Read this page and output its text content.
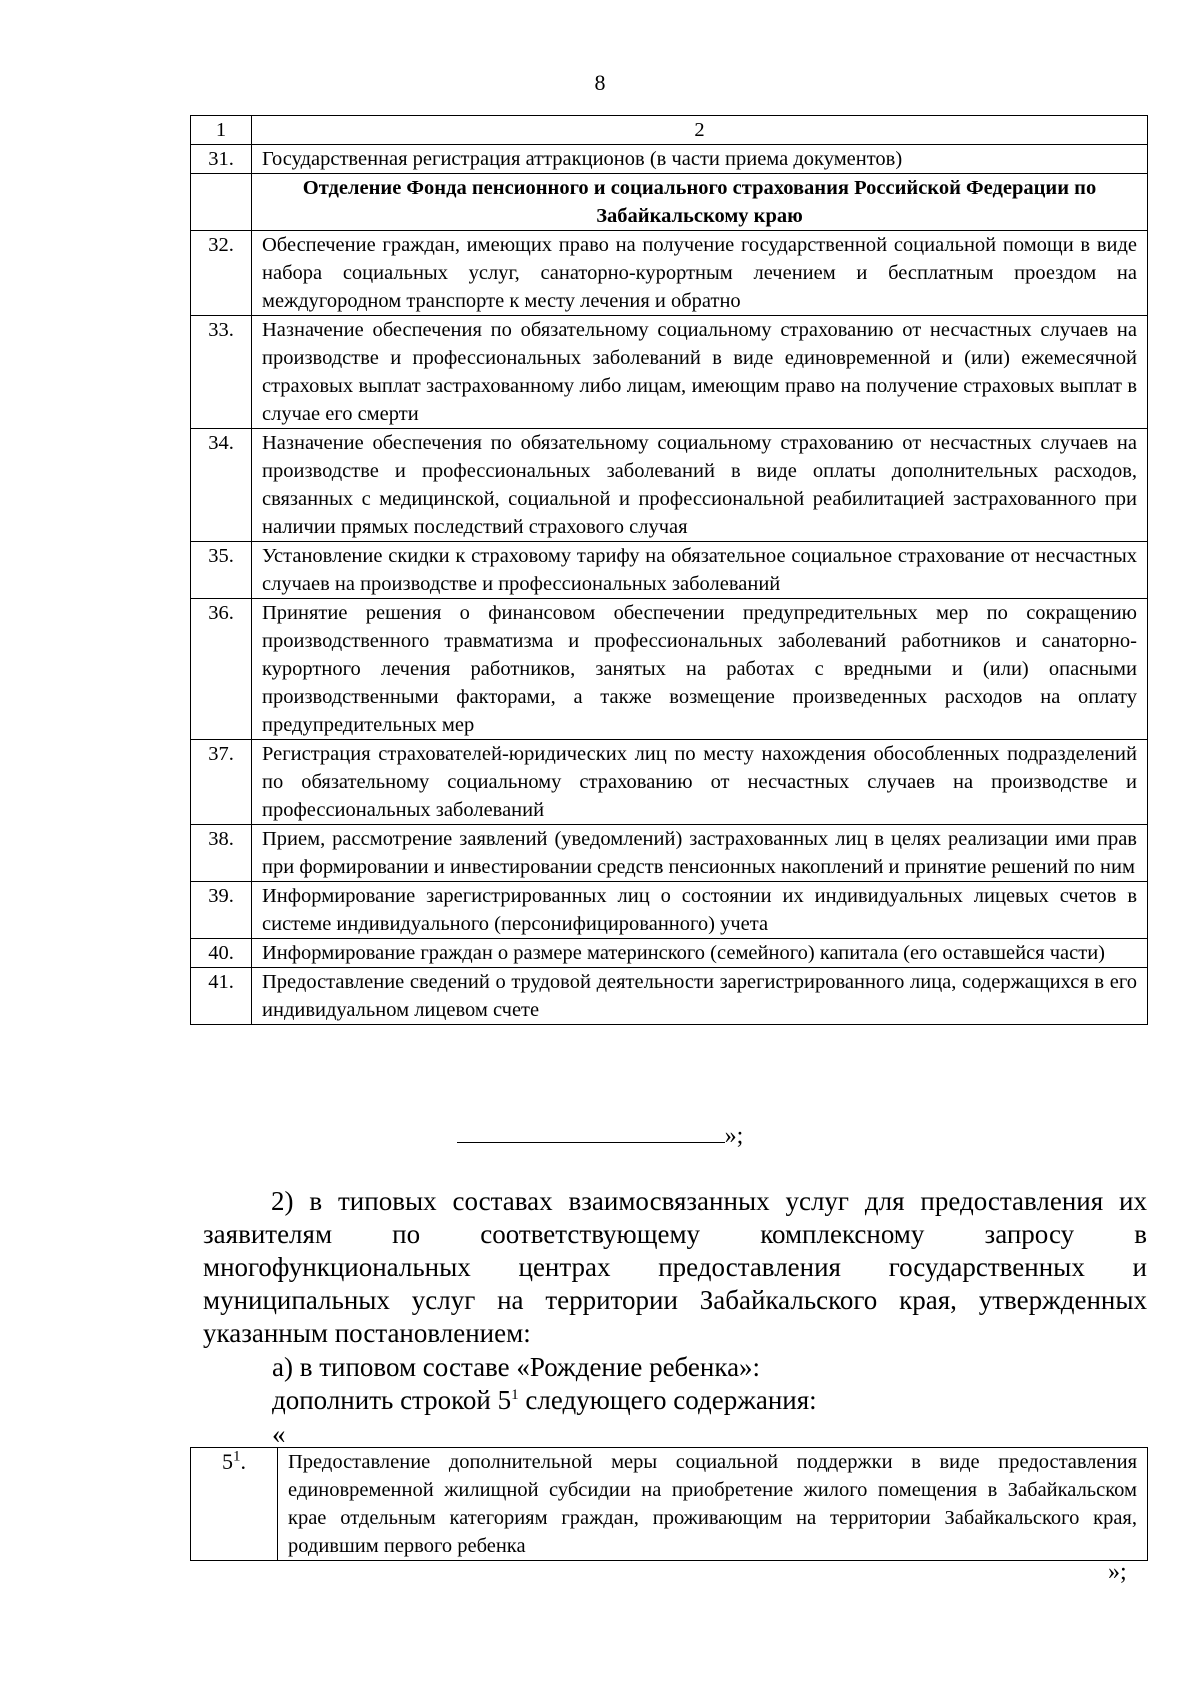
8
1	2
31.	Государственная регистрация аттракционов (в части приема документов)
	Отделение Фонда пенсионного и социального страхования Российской Федерации по Забайкальскому краю
32.	Обеспечение граждан, имеющих право на получение государственной социальной помощи в виде набора социальных услуг, санаторно-курортным лечением и бесплатным проездом на междугородном транспорте к месту лечения и обратно
33.	Назначение обеспечения по обязательному социальному страхованию от несчастных случаев на производстве и профессиональных заболеваний в виде единовременной и (или) ежемесячной страховых выплат застрахованному либо лицам, имеющим право на получение страховых выплат в случае его смерти
34.	Назначение обеспечения по обязательному социальному страхованию от несчастных случаев на производстве и профессиональных заболеваний в виде оплаты дополнительных расходов, связанных с медицинской, социальной и профессиональной реабилитацией застрахованного при наличии прямых последствий страхового случая
35.	Установление скидки к страховому тарифу на обязательное социальное страхование от несчастных случаев на производстве и профессиональных заболеваний
36.	Принятие решения о финансовом обеспечении предупредительных мер по сокращению производственного травматизма и профессиональных заболеваний работников и санаторно-курортного лечения работников, занятых на работах с вредными и (или) опасными производственными факторами, а также возмещение произведенных расходов на оплату предупредительных мер
37.	Регистрация страхователей-юридических лиц по месту нахождения обособленных подразделений по обязательному социальному страхованию от несчастных случаев на производстве и профессиональных заболеваний
38.	Прием, рассмотрение заявлений (уведомлений) застрахованных лиц в целях реализации ими прав при формировании и инвестировании средств пенсионных накоплений и принятие решений по ним
39.	Информирование зарегистрированных лиц о состоянии их индивидуальных лицевых счетов в системе индивидуального (персонифицированного) учета
40.	Информирование граждан о размере материнского (семейного) капитала (его оставшейся части)
41.	Предоставление сведений о трудовой деятельности зарегистрированного лица, содержащихся в его индивидуальном лицевом счете
»;
2) в типовых составах взаимосвязанных услуг для предоставления их заявителям по соответствующему комплексному запросу в многофункциональных центрах предоставления государственных и муниципальных услуг на территории Забайкальского края, утвержденных указанным постановлением:
а) в типовом составе «Рождение ребенка»:
дополнить строкой $5^1$ следующего содержания:
«
$5^1$.	Предоставление дополнительной меры социальной поддержки в виде предоставления единовременной жилищной субсидии на приобретение жилого помещения в Забайкальском крае отдельным категориям граждан, проживающим на территории Забайкальского края, родившим первого ребенка
»;
